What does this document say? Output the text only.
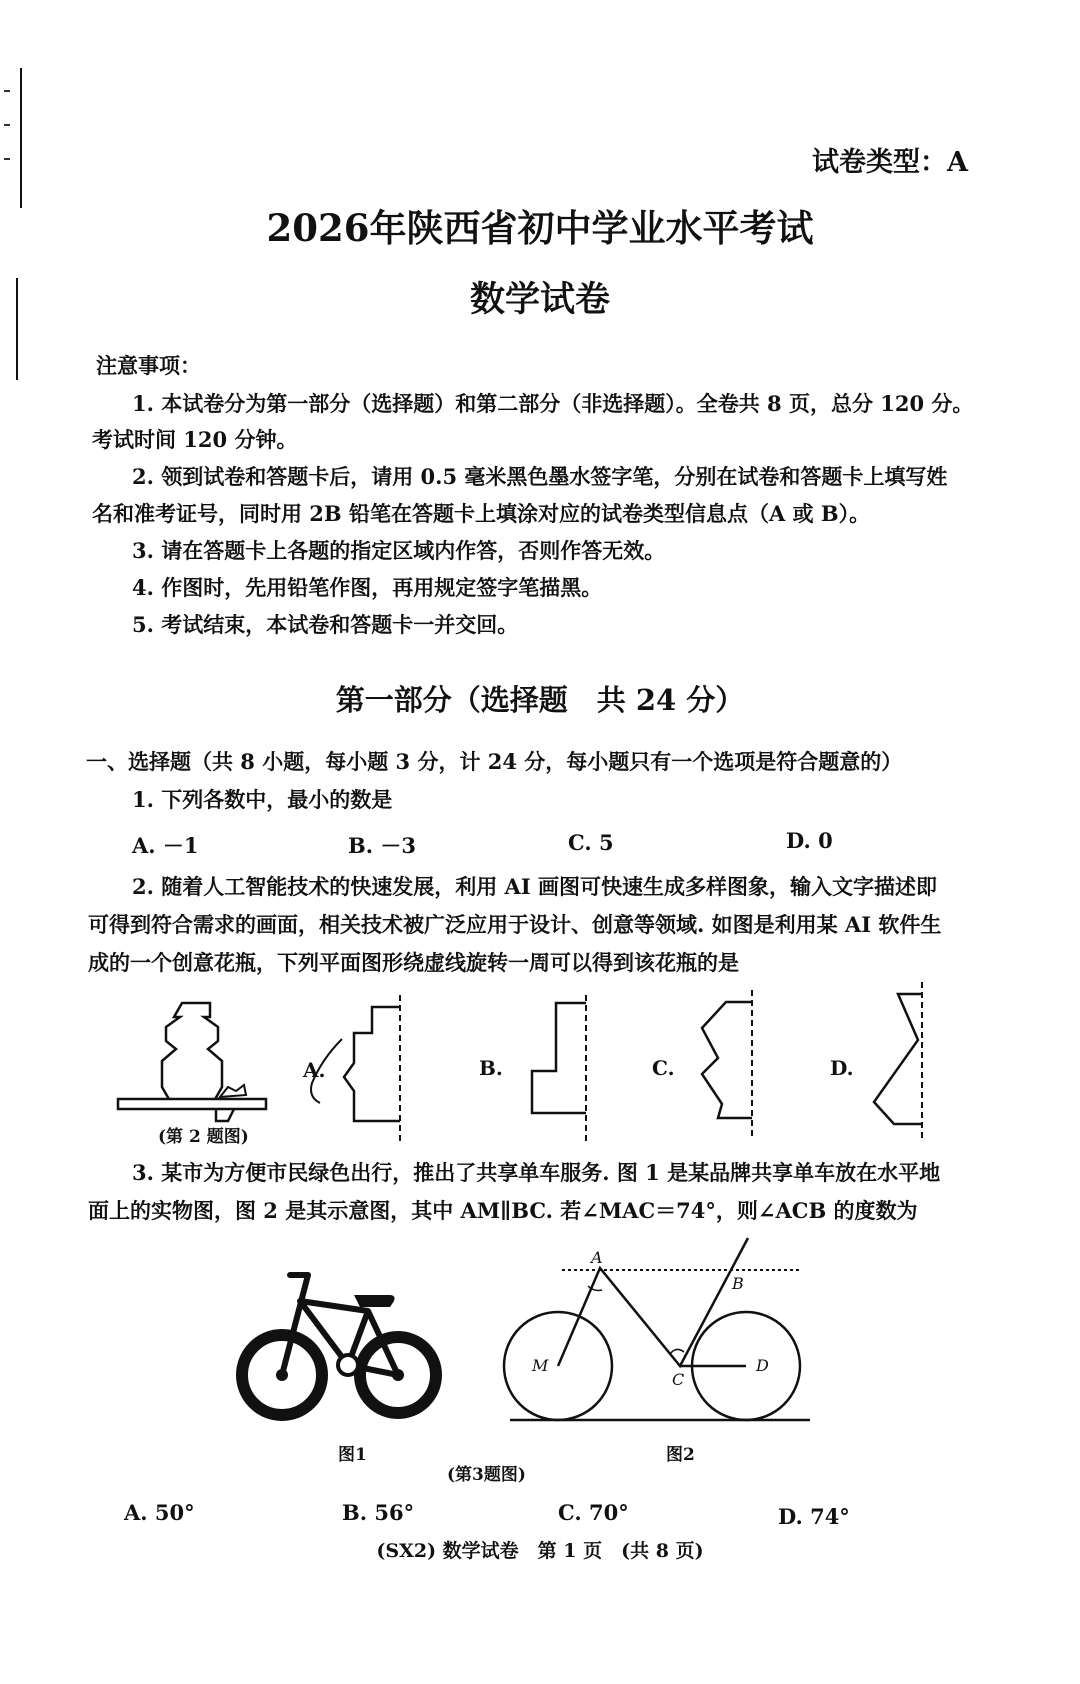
试卷类型：A
2026年陕西省初中学业水平考试
数学试卷
注意事项：
1. 本试卷分为第一部分（选择题）和第二部分（非选择题）。全卷共 8 页，总分 120 分。
考试时间 120 分钟。
2. 领到试卷和答题卡后，请用 0.5 毫米黑色墨水签字笔，分别在试卷和答题卡上填写姓
名和准考证号，同时用 2B 铅笔在答题卡上填涂对应的试卷类型信息点（A 或 B）。
3. 请在答题卡上各题的指定区域内作答，否则作答无效。
4. 作图时，先用铅笔作图，再用规定签字笔描黑。
5. 考试结束，本试卷和答题卡一并交回。
第一部分（选择题　共 24 分）
一、选择题（共 8 小题，每小题 3 分，计 24 分，每小题只有一个选项是符合题意的）
1. 下列各数中，最小的数是
A. －1	B. －3	C. 5	D. 0
2. 随着人工智能技术的快速发展，利用 AI 画图可快速生成多样图象，输入文字描述即
可得到符合需求的画面，相关技术被广泛应用于设计、创意等领域. 如图是利用某 AI 软件生
成的一个创意花瓶，下列平面图形绕虚线旋转一周可以得到该花瓶的是
(第 2 题图)
A.	B.	C.	D.
3. 某市为方便市民绿色出行，推出了共享单车服务. 图 1 是某品牌共享单车放在水平地
面上的实物图，图 2 是其示意图，其中 AM∥BC. 若∠MAC＝74°，则∠ACB 的度数为
图1
A
B
M
C
D
图2
(第3题图)
A. 50°	B. 56°	C. 70°	D. 74°
(SX2) 数学试卷　第 1 页　(共 8 页)
